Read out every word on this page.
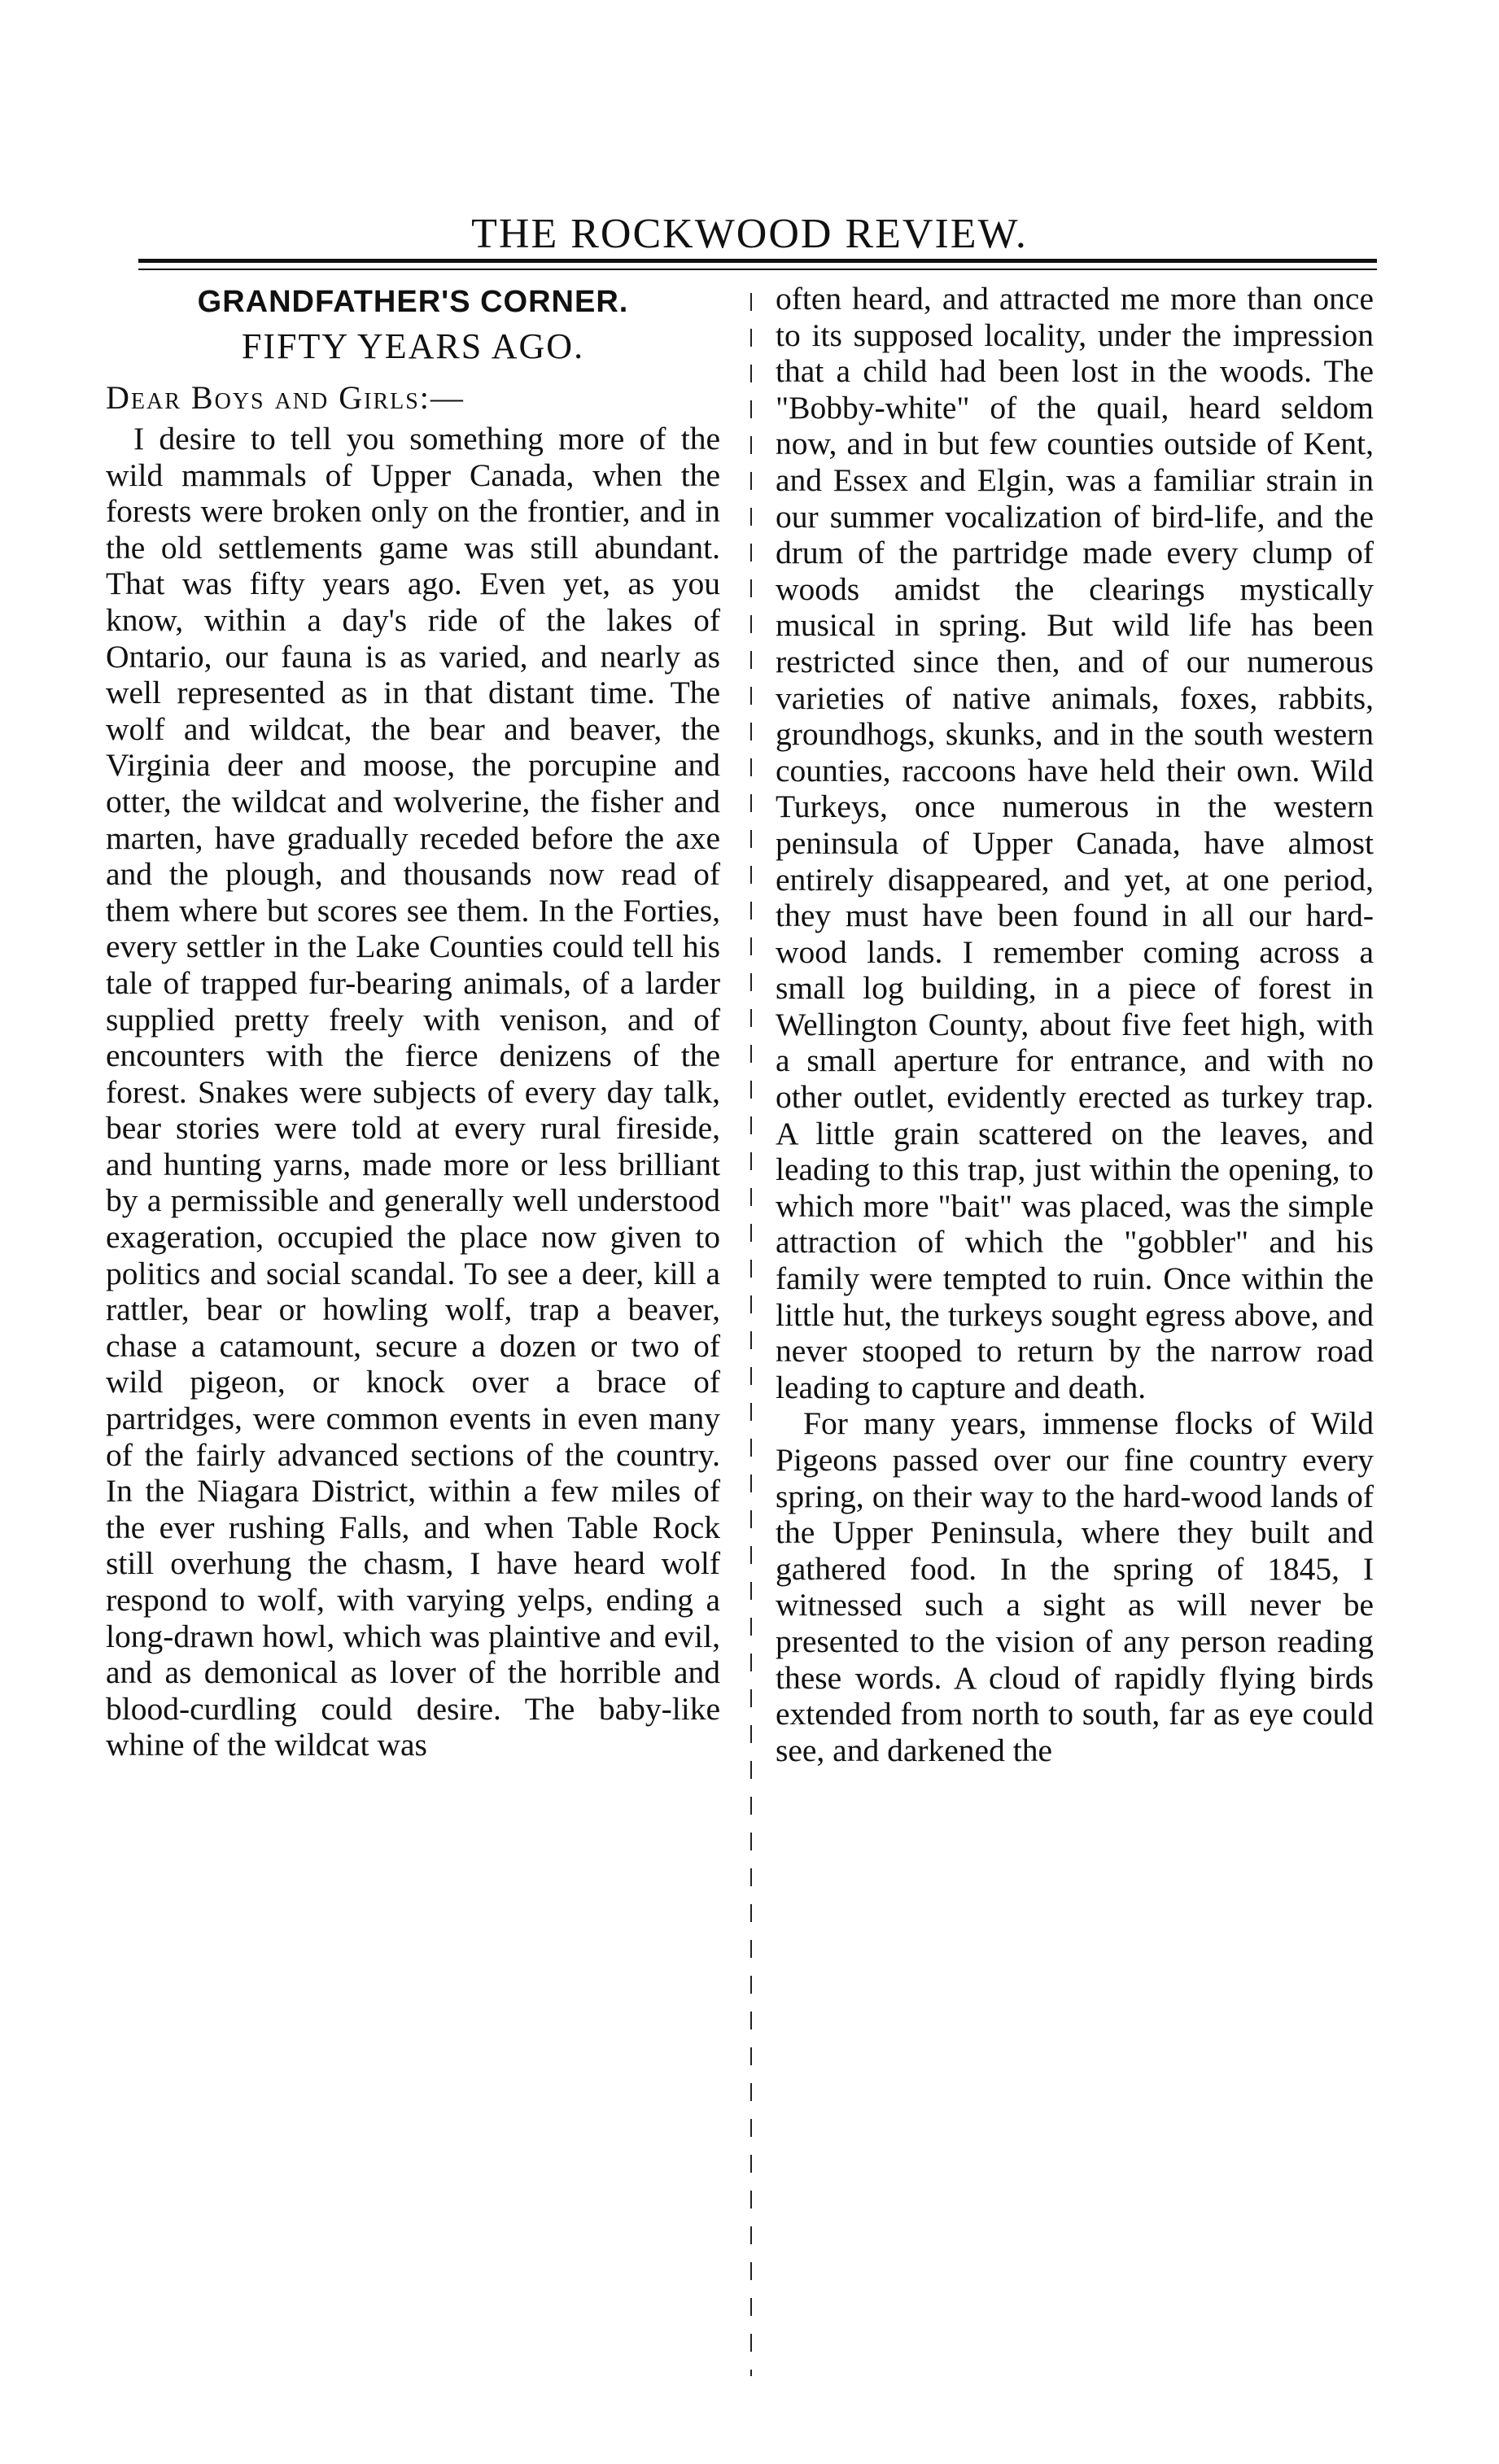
THE ROCKWOOD REVIEW.

GRANDFATHER'S CORNER.

FIFTY YEARS AGO.

Dear Boys and Girls:—

I desire to tell you something more of the wild mammals of Upper Canada, when the forests were broken only on the frontier, and in the old settlements game was still abundant. That was fifty years ago. Even yet, as you know, within a day's ride of the lakes of Ontario, our fauna is as varied, and nearly as well represented as in that distant time. The wolf and wildcat, the bear and beaver, the Virginia deer and moose, the porcupine and otter, the wildcat and wolverine, the fisher and marten, have gradually receded before the axe and the plough, and thousands now read of them where but scores see them. In the Forties, every settler in the Lake Counties could tell his tale of trapped fur-bearing animals, of a larder supplied pretty freely with venison, and of encounters with the fierce denizens of the forest. Snakes were subjects of every day talk, bear stories were told at every rural fireside, and hunting yarns, made more or less brilliant by a permissible and generally well understood exageration, occupied the place now given to politics and social scandal. To see a deer, kill a rattler, bear or howling wolf, trap a beaver, chase a catamount, secure a dozen or two of wild pigeon, or knock over a brace of partridges, were common events in even many of the fairly advanced sections of the country. In the Niagara District, within a few miles of the ever rushing Falls, and when Table Rock still overhung the chasm, I have heard wolf respond to wolf, with varying yelps, ending a long-drawn howl, which was plaintive and evil, and as demonical as lover of the horrible and blood-curdling could desire. The baby-like whine of the wildcat was

often heard, and attracted me more than once to its supposed locality, under the impression that a child had been lost in the woods. The "Bobby-white" of the quail, heard seldom now, and in but few counties outside of Kent, and Essex and Elgin, was a familiar strain in our summer vocalization of bird-life, and the drum of the partridge made every clump of woods amidst the clearings mystically musical in spring. But wild life has been restricted since then, and of our numerous varieties of native animals, foxes, rabbits, groundhogs, skunks, and in the south western counties, raccoons have held their own. Wild Turkeys, once numerous in the western peninsula of Upper Canada, have almost entirely disappeared, and yet, at one period, they must have been found in all our hard-wood lands. I remember coming across a small log building, in a piece of forest in Wellington County, about five feet high, with a small aperture for entrance, and with no other outlet, evidently erected as turkey trap. A little grain scattered on the leaves, and leading to this trap, just within the opening, to which more "bait" was placed, was the simple attraction of which the "gobbler" and his family were tempted to ruin. Once within the little hut, the turkeys sought egress above, and never stooped to return by the narrow road leading to capture and death.

For many years, immense flocks of Wild Pigeons passed over our fine country every spring, on their way to the hard-wood lands of the Upper Peninsula, where they built and gathered food. In the spring of 1845, I witnessed such a sight as will never be presented to the vision of any person reading these words. A cloud of rapidly flying birds extended from north to south, far as eye could see, and darkened the
